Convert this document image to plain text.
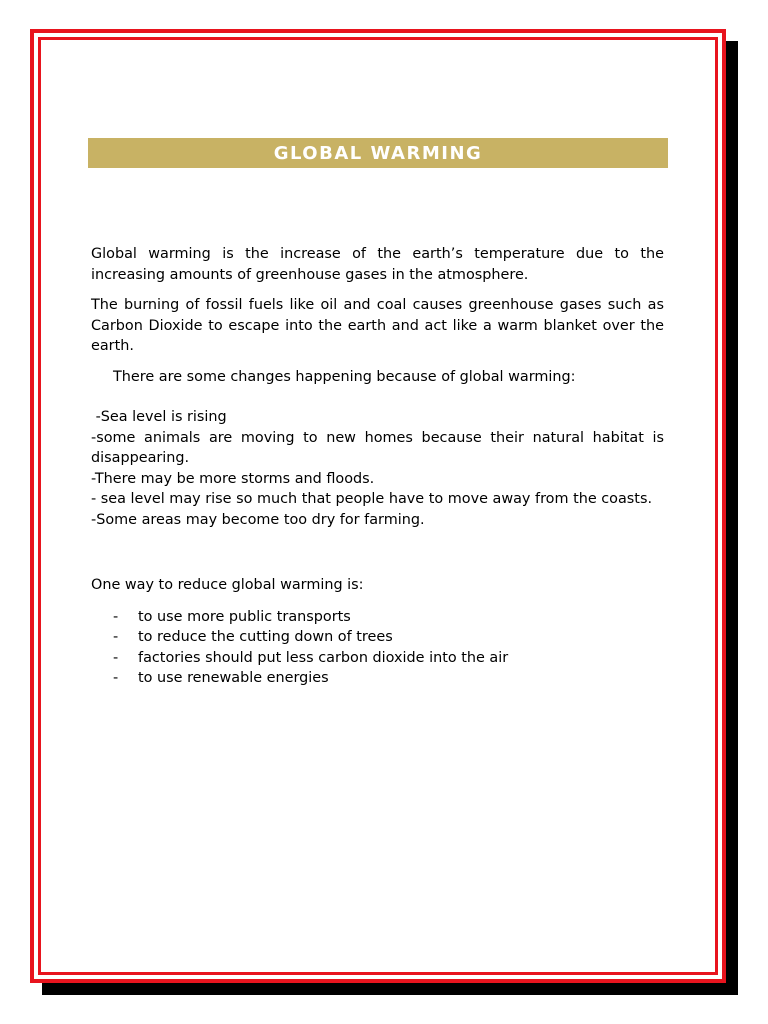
GLOBAL WARMING

Global warming is the increase of the earth’s temperature due to the increasing amounts of greenhouse gases in the atmosphere.

The burning of fossil fuels like oil and coal causes greenhouse gases such as Carbon Dioxide to escape into the earth and act like a warm blanket over the earth.

There are some changes happening because of global warming:

-Sea level is rising
-some animals are moving to new homes because their natural habitat is disappearing.
-There may be more storms and floods.
- sea level may rise so much that people have to move away from the coasts.
-Some areas may become too dry for farming.

One way to reduce global warming is:

- to use more public transports
- to reduce the cutting down of trees
- factories should put less carbon dioxide into the air
- to use renewable energies
